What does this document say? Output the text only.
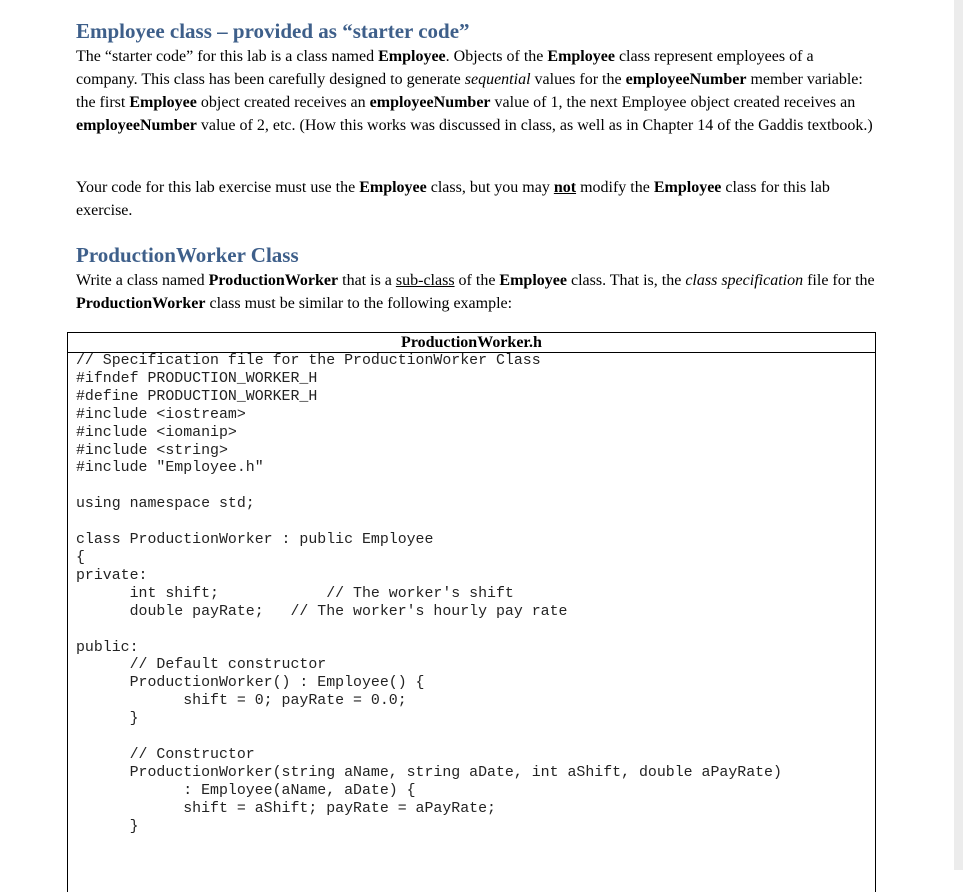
Employee class – provided as “starter code”

The “starter code” for this lab is a class named Employee. Objects of the Employee class represent employees of a company. This class has been carefully designed to generate sequential values for the employeeNumber member variable: the first Employee object created receives an employeeNumber value of 1, the next Employee object created receives an employeeNumber value of 2, etc. (How this works was discussed in class, as well as in Chapter 14 of the Gaddis textbook.)

Your code for this lab exercise must use the Employee class, but you may not modify the Employee class for this lab exercise.

ProductionWorker Class

Write a class named ProductionWorker that is a sub-class of the Employee class. That is, the class specification file for the ProductionWorker class must be similar to the following example:

ProductionWorker.h
// Specification file for the ProductionWorker Class
#ifndef PRODUCTION_WORKER_H
#define PRODUCTION_WORKER_H
#include <iostream>
#include <iomanip>
#include <string>
#include "Employee.h"

using namespace std;

class ProductionWorker : public Employee
{
private:
int shift;            // The worker's shift
double payRate;   // The worker's hourly pay rate

public:
// Default constructor
ProductionWorker() : Employee() {
shift = 0; payRate = 0.0;
}

// Constructor
ProductionWorker(string aName, string aDate, int aShift, double aPayRate)
: Employee(aName, aDate) {
shift = aShift; payRate = aPayRate;
}
